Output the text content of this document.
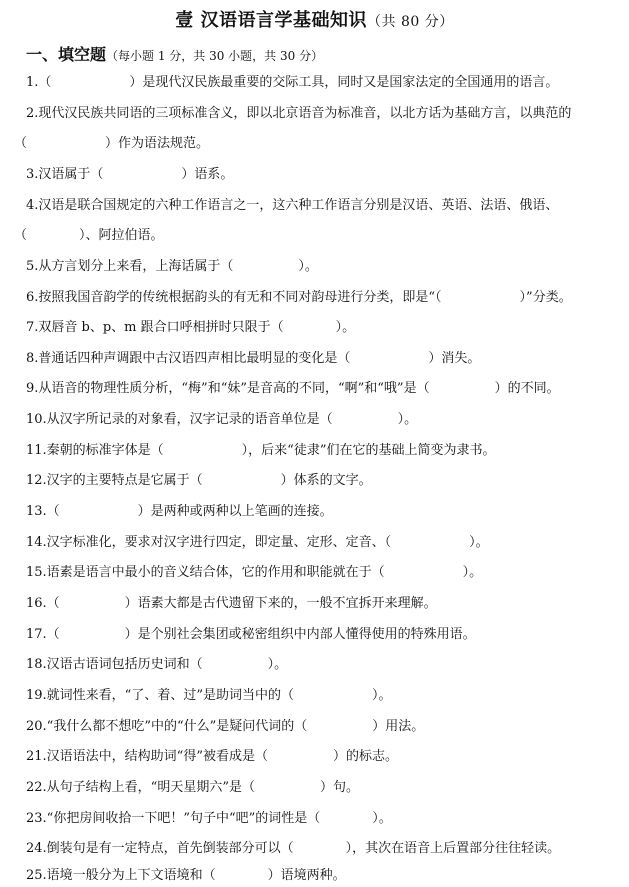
壹 汉语语言学基础知识（共 80 分）
一、填空题（每小题 1 分，共 30 小题，共 30 分）
1.（　　　　　　）是现代汉民族最重要的交际工具，同时又是国家法定的全国通用的语言。
2.现代汉民族共同语的三项标准含义，即以北京语音为标准音，以北方话为基础方言，以典范的
（　　　　　　）作为语法规范。
3.汉语属于（　　　　　　）语系。
4.汉语是联合国规定的六种工作语言之一，这六种工作语言分别是汉语、英语、法语、俄语、
（　　　　）、阿拉伯语。
5.从方言划分上来看，上海话属于（　　　　　）。
6.按照我国音韵学的传统根据韵头的有无和不同对韵母进行分类，即是“（　　　　　　）”分类。
7.双唇音 b、p、m 跟合口呼相拼时只限于（　　　　）。
8.普通话四种声调跟中古汉语四声相比最明显的变化是（　　　　　　）消失。
9.从语音的物理性质分析，“梅”和“妹”是音高的不同，“啊”和“哦”是（　　　　　）的不同。
10.从汉字所记录的对象看，汉字记录的语音单位是（　　　　　）。
11.秦朝的标准字体是（　　　　　　），后来“徒隶”们在它的基础上简变为隶书。
12.汉字的主要特点是它属于（　　　　　　）体系的文字。
13.（　　　　　　）是两种或两种以上笔画的连接。
14.汉字标准化，要求对汉字进行四定，即定量、定形、定音、（　　　　　　）。
15.语素是语言中最小的音义结合体，它的作用和职能就在于（　　　　　　）。
16.（　　　　　）语素大都是古代遗留下来的，一般不宜拆开来理解。
17.（　　　　　）是个别社会集团或秘密组织中内部人懂得使用的特殊用语。
18.汉语古语词包括历史词和（　　　　　）。
19.就词性来看，“了、着、过”是助词当中的（　　　　　　）。
20.“我什么都不想吃”中的“什么”是疑问代词的（　　　　　）用法。
21.汉语语法中，结构助词“得”被看成是（　　　　　）的标志。
22.从句子结构上看，“明天星期六”是（　　　　　）句。
23.“你把房间收拾一下吧！”句子中“吧”的词性是（　　　　）。
24.倒装句是有一定特点，首先倒装部分可以（　　　　），其次在语音上后置部分往往轻读。
25.语境一般分为上下文语境和（　　　　）语境两种。
